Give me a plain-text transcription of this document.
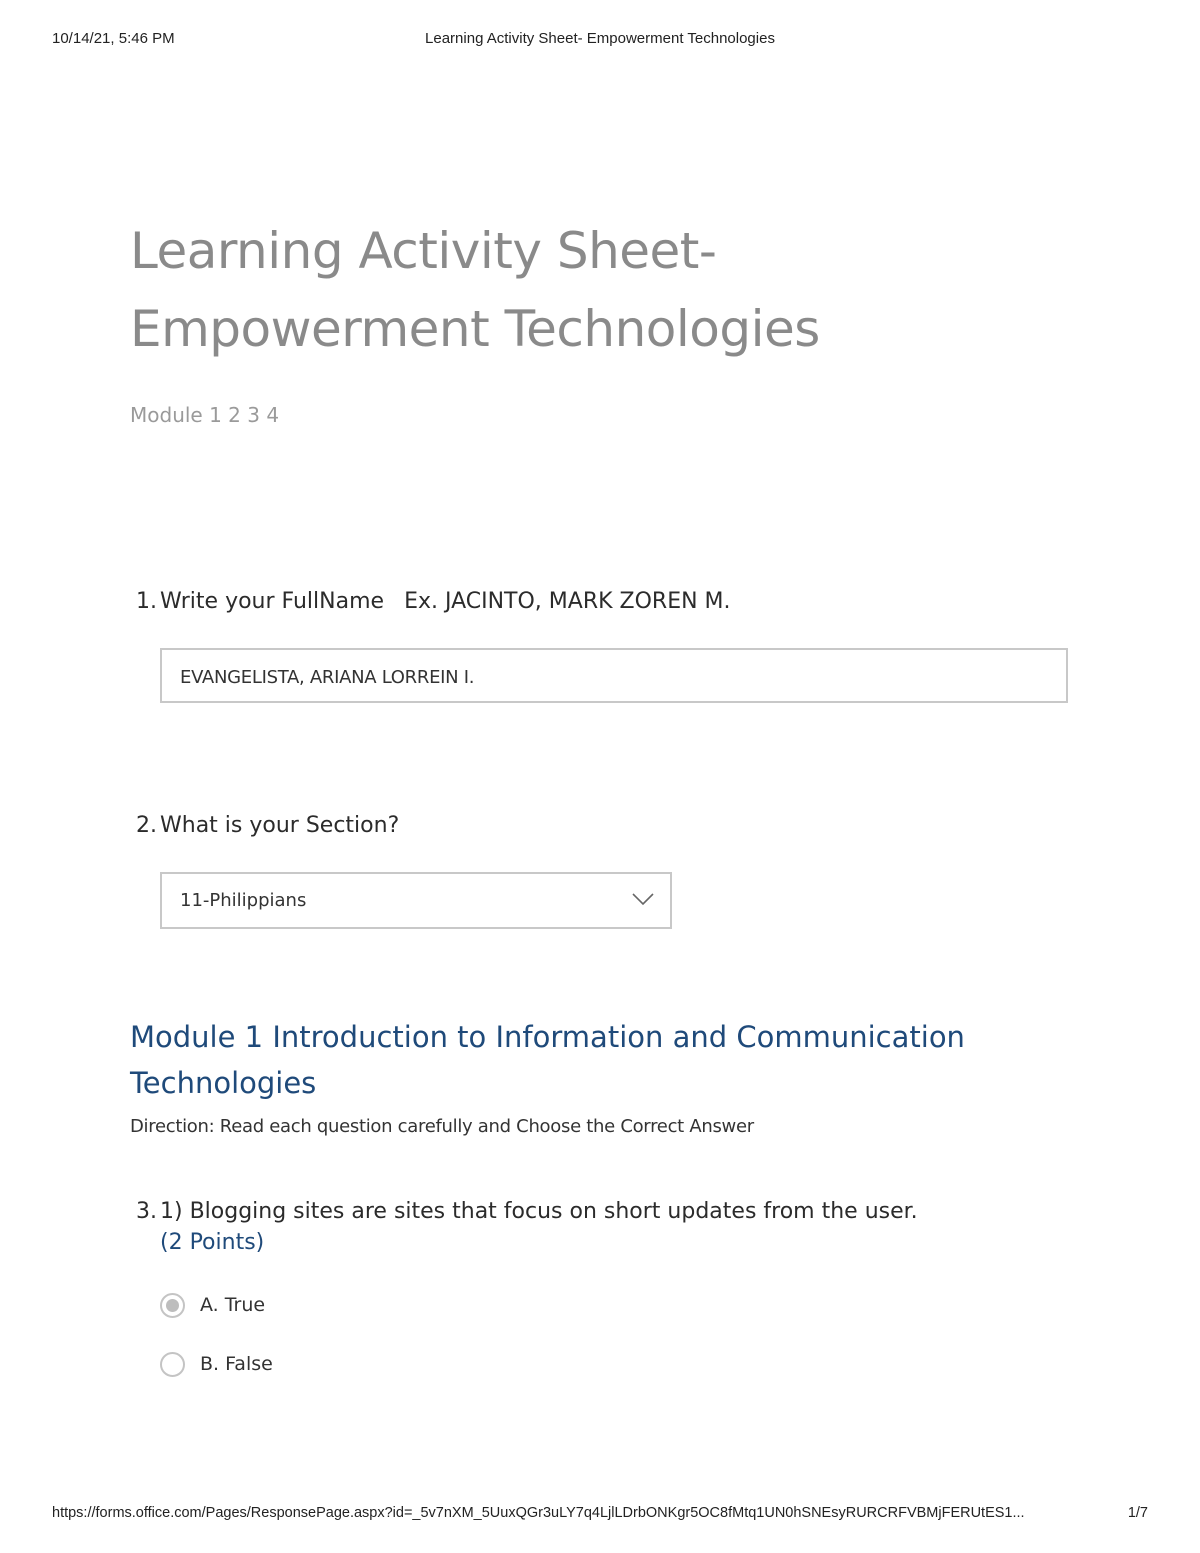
10/14/21, 5:46 PM	Learning Activity Sheet- Empowerment Technologies
Learning Activity Sheet-
Empowerment Technologies
Module 1 2 3 4
1. Write your FullName Ex. JACINTO, MARK ZOREN M.
EVANGELISTA, ARIANA LORREIN I.
2. What is your Section?
11-Philippians
Module 1 Introduction to Information and Communication
Technologies
Direction: Read each question carefully and Choose the Correct Answer
3. 1) Blogging sites are sites that focus on short updates from the user.
(2 Points)
A. True
B. False
https://forms.office.com/Pages/ResponsePage.aspx?id=_5v7nXM_5UuxQGr3uLY7q4LjlLDrbONKgr5OC8fMtq1UN0hSNEsyRURCRFVBMjFERUtES1...	1/7
